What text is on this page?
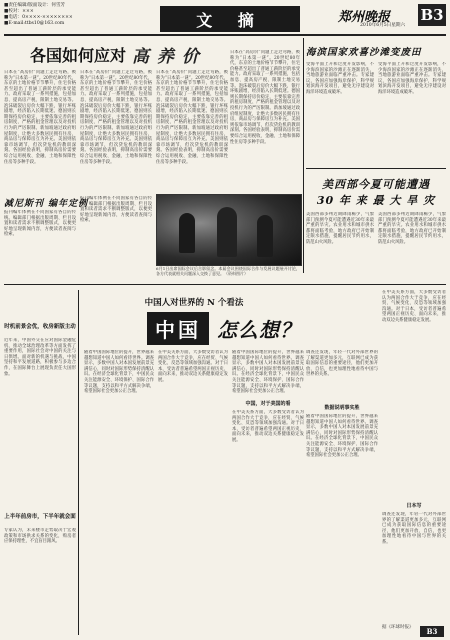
■责任编辑/版面设计：何雪芳
■校对：×××
■电话：0××××-××××××××
■E-mail:ttbs10@163.com	文 摘	郑州晚报 B3
2010年6月5日星期六
各国如何应对 高 养 价
日本在“高房价”问题上走过弯路，被称为“日本第一谜”。20世纪80年代，东京的土地价格节节攀升，住宅价格甚至超出了普通工薪阶层的承受能力。政府采取了一系列措施，包括加息、提高房产税、限制土地交易等。泡沫破裂后房价大幅下跌，银行坏账剧增，经济陷入长期低迷。德国则长期保持房价稳定，主要依靠完善的租房制度、严格的租金管理以及对投机行为的严厉限制。新加坡通过政府组屋制度，让绝大多数居民拥有住房，商品房与保障房互为补充。美国则依靠市场调节，但次贷危机的教训深刻。各国经验表明，抑制高房价需要综合运用税收、金融、土地和保障性住房等多种手段。
日本在“高房价”问题上走过弯路，被称为“日本第一谜”。20世纪80年代，东京的土地价格节节攀升，住宅价格甚至超出了普通工薪阶层的承受能力。政府采取了一系列措施，包括加息、提高房产税、限制土地交易等。泡沫破裂后房价大幅下跌，银行坏账剧增，经济陷入长期低迷。德国则长期保持房价稳定，主要依靠完善的租房制度、严格的租金管理以及对投机行为的严厉限制。新加坡通过政府组屋制度，让绝大多数居民拥有住房，商品房与保障房互为补充。美国则依靠市场调节，但次贷危机的教训深刻。各国经验表明，抑制高房价需要综合运用税收、金融、土地和保障性住房等多种手段。
日本在“高房价”问题上走过弯路，被称为“日本第一谜”。20世纪80年代，东京的土地价格节节攀升，住宅价格甚至超出了普通工薪阶层的承受能力。政府采取了一系列措施，包括加息、提高房产税、限制土地交易等。泡沫破裂后房价大幅下跌，银行坏账剧增，经济陷入长期低迷。德国则长期保持房价稳定，主要依靠完善的租房制度、严格的租金管理以及对投机行为的严厉限制。新加坡通过政府组屋制度，让绝大多数居民拥有住房，商品房与保障房互为补充。美国则依靠市场调节，但次贷危机的教训深刻。各国经验表明，抑制高房价需要综合运用税收、金融、土地和保障性住房等多种手段。
日本在“高房价”问题上走过弯路，被称为“日本第一谜”。20世纪80年代，东京的土地价格节节攀升，住宅价格甚至超出了普通工薪阶层的承受能力。政府采取了一系列措施，包括加息、提高房产税、限制土地交易等。泡沫破裂后房价大幅下跌，银行坏账剧增，经济陷入长期低迷。德国则长期保持房价稳定，主要依靠完善的租房制度、严格的租金管理以及对投机行为的严厉限制。新加坡通过政府组屋制度，让绝大多数居民拥有住房，商品房与保障房互为补充。美国则依靠市场调节，但次贷危机的教训深刻。各国经验表明，抑制高房价需要综合运用税收、金融、土地和保障性住房等多种手段。
海滨国家欢喜沙滩变废田
受海平面上升和过度开发影响，不少海滨国家的沙滩正在逐渐消失，当地旅游业面临严重冲击。专家建议，各国应加强海岸保护，科学规划滨海开发项目，避免无序建设对海洋环境造成破坏。
受海平面上升和过度开发影响，不少海滨国家的沙滩正在逐渐消失，当地旅游业面临严重冲击。专家建议，各国应加强海岸保护，科学规划滨海开发项目，避免无序建设对海洋环境造成破坏。
美西部今夏可能遭遇
30 年 来 最 大 旱 灾
美国西部多州近期降雨稀少，气象部门预测今夏可能遭遇近30年来最严重的旱灾。农业用水和城市供水都将面临考验，地方政府已开始制定限水措施，提醒居民节约用水，防范山火风险。
美国西部多州近期降雨稀少，气象部门预测今夏可能遭遇近30年来最严重的旱灾。农业用水和城市供水都将面临考验，地方政府已开始制定限水措施，提醒居民节约用水，防范山火风险。
减尼斯刊 编年定例
报刊编年体例在不同国家有各自的传统。编辑部门根据出版周期、栏目设置和读者需求不断调整版式，以便更好地呈现新闻内容，方便读者查阅与检索。
报刊编年体例在不同国家有各自的传统。编辑部门根据出版周期、栏目设置和读者需求不断调整版式，以便更好地呈现新闻内容，方便读者查阅与检索。
6月1日出席国际会议后合影留念。本届会议围绕国际合作与发展议题展开讨论，各方代表就相关问题深入交换了意见。（资料图片）
时机前景会优，收房新版主动
近年来，中国外交在应对国际金融危机、推动全球治理改革等方面发挥了重要作用，国际社会对中国的关注与日俱增。面对新的机遇与挑战，中国坚持和平发展道路，积极参与多边合作，在国际舞台上展现负责任大国形象。
上半年前房市，下半年就会面
专家认为，未来楼市走势取决于宏观政策和市场供求关系的变化，购房者应保持理性，不宜盲目跟风。
中国人对世界的 N 个看法
中国 怎么想？
随着中国国际地位的提升，世界越来越想知道中国人如何看待世界。调查显示，多数中国人对本国发展前景充满信心，同时对国际形势保持清醒认识。在经济全球化背景下，中国民众关注能源安全、环境保护、国际合作等议题，支持以和平方式解决争端，希望国际社会更加公正合理。
在中美关系方面，大多数受访者认为两国合作大于竞争，应在经贸、气候变化、反恐等领域加强沟通。对于日本，受访者普遍希望两国正视历史、面向未来，推动双边关系健康稳定发展。
中国，对于美国的看
随着中国国际地位的提升，世界越来越想知道中国人如何看待世界。调查显示，多数中国人对本国发展前景充满信心，同时对国际形势保持清醒认识。在经济全球化背景下，中国民众关注能源安全、环境保护、国际合作等议题，支持以和平方式解决争端，希望国际社会更加公正合理。
在中美关系方面，大多数受访者认为两国合作大于竞争，应在经贸、气候变化、反恐等领域加强沟通。对于日本，受访者普遍希望两国正视历史、面向未来，推动双边关系健康稳定发展。
数据说明事实胜
调查还发现，年轻一代对外部世界的了解渠道更加多元，互联网已成为获取国际信息的重要途径，他们更加开放、自信，也更加理性地看待中国与世界的关系。
随着中国国际地位的提升，世界越来越想知道中国人如何看待世界。调查显示，多数中国人对本国发展前景充满信心，同时对国际形势保持清醒认识。在经济全球化背景下，中国民众关注能源安全、环境保护、国际合作等议题，支持以和平方式解决争端，希望国际社会更加公正合理。
日本写
在中美关系方面，大多数受访者认为两国合作大于竞争，应在经贸、气候变化、反恐等领域加强沟通。对于日本，受访者普遍希望两国正视历史、面向未来，推动双边关系健康稳定发展。
调查还发现，年轻一代对外部世界的了解渠道更加多元，互联网已成为获取国际信息的重要途径，他们更加开放、自信，也更加理性地看待中国与世界的关系。
据《环球时报》	B3
